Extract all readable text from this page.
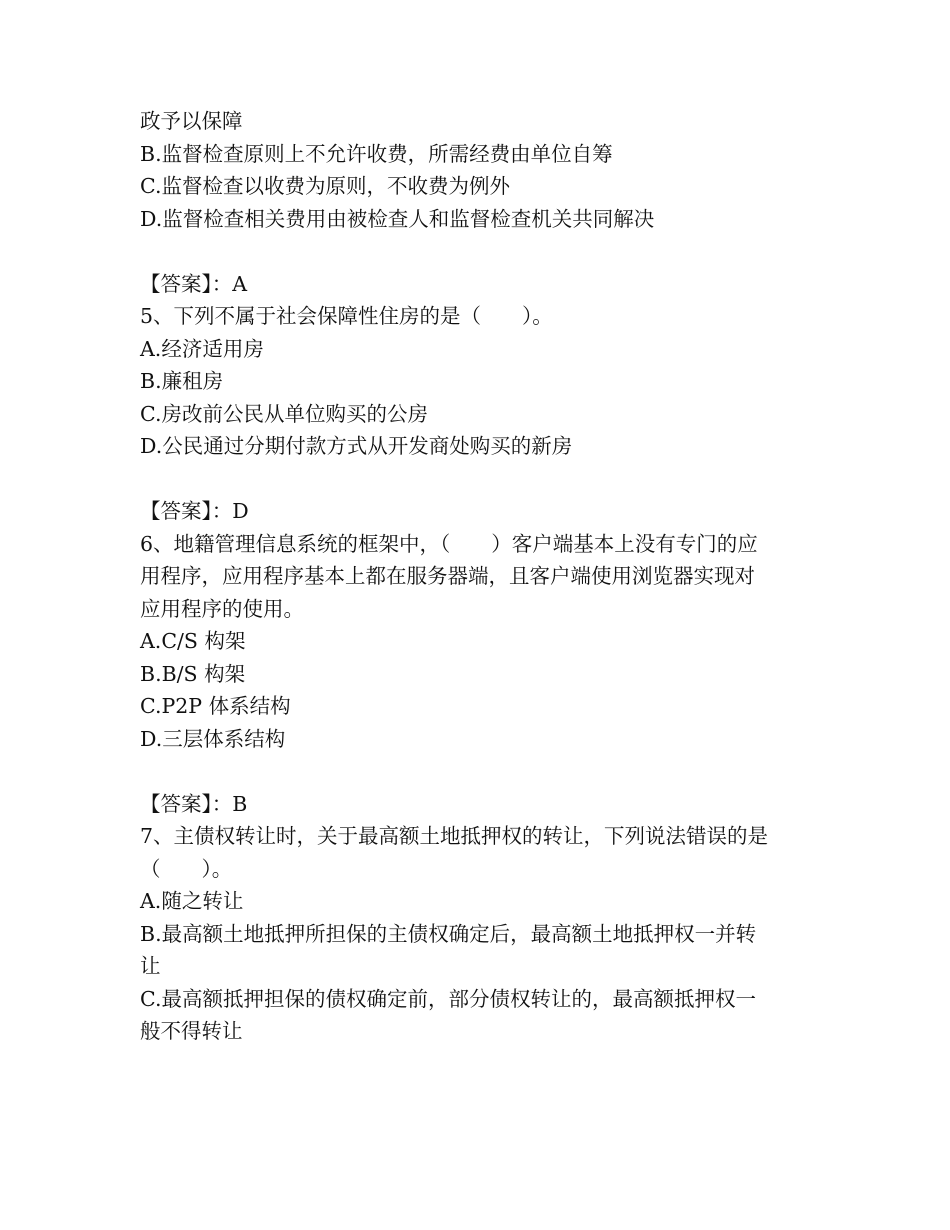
政予以保障
B.监督检查原则上不允许收费，所需经费由单位自筹
C.监督检查以收费为原则，不收费为例外
D.监督检查相关费用由被检查人和监督检查机关共同解决
【答案】：A
5、下列不属于社会保障性住房的是（　　）。
A.经济适用房
B.廉租房
C.房改前公民从单位购买的公房
D.公民通过分期付款方式从开发商处购买的新房
【答案】：D
6、地籍管理信息系统的框架中，（　　）客户端基本上没有专门的应
用程序，应用程序基本上都在服务器端，且客户端使用浏览器实现对
应用程序的使用。
A.C/S 构架
B.B/S 构架
C.P2P 体系结构
D.三层体系结构
【答案】：B
7、主债权转让时，关于最高额土地抵押权的转让，下列说法错误的是
（　　）。
A.随之转让
B.最高额土地抵押所担保的主债权确定后，最高额土地抵押权一并转
让
C.最高额抵押担保的债权确定前，部分债权转让的，最高额抵押权一
般不得转让
